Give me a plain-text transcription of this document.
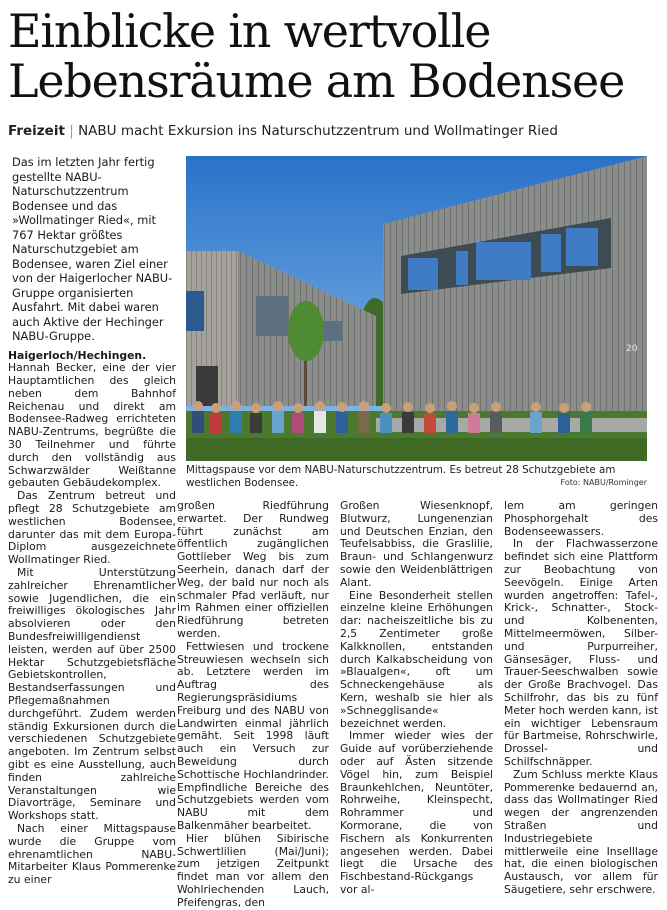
Einblicke in wertvolle
Lebensräume am Bodensee
Freizeit | NABU macht Exkursion ins Naturschutzzentrum und Wollmatinger Ried

Das im letzten Jahr fertig gestellte NABU-Naturschutzzentrum Bodensee und das »Wollmatinger Ried«, mit 767 Hektar größtes Naturschutzgebiet am Bodensee, waren Ziel einer von der Haigerlocher NABU-Gruppe organisierten Ausfahrt. Mit dabei waren auch Aktive der Hechinger NABU-Gruppe.

Haigerloch/Hechingen. Hannah Becker, eine der vier Hauptamtlichen des gleich neben dem Bahnhof Reichenau und direkt am Bodensee-Radweg errichteten NABU-Zentrums, begrüßte die 30 Teilnehmer und führte durch den vollständig aus Schwarzwälder Weißtanne gebauten Gebäudekomplex.

Das Zentrum betreut und pflegt 28 Schutzgebiete am westlichen Bodensee, darunter das mit dem Europa-Diplom ausgezeichnete Wollmatinger Ried.

Mit Unterstützung zahlreicher Ehrenamtlicher sowie Jugendlichen, die ein freiwilliges ökologisches Jahr absolvieren oder den Bundesfreiwilligendienst leisten, werden auf über 2500 Hektar Schutzgebietsfläche Gebietskontrollen, Bestandserfassungen und Pflegemaßnahmen durchgeführt. Zudem werden ständig Exkursionen durch die verschiedenen Schutzgebiete angeboten. Im Zentrum selbst gibt es eine Ausstellung, auch finden zahlreiche Veranstaltungen wie Diavorträge, Seminare und Workshops statt.

Nach einer Mittagspause wurde die Gruppe vom ehrenamtlichen NABU-Mitarbeiter Klaus Pommerenke zu einer

20
Mittagspause vor dem NABU-Naturschutzzentrum. Es betreut 28 Schutzgebiete am westlichen Bodensee.	Foto: NABU/Rominger

großen Riedführung erwartet. Der Rundweg führt zunächst am öffentlich zugänglichen Gottlieber Weg bis zum Seerhein, danach darf der Weg, der bald nur noch als schmaler Pfad verläuft, nur im Rahmen einer offiziellen Riedführung betreten werden.

Fettwiesen und trockene Streuwiesen wechseln sich ab. Letztere werden im Auftrag des Regierungspräsidiums Freiburg und des NABU von Landwirten einmal jährlich gemäht. Seit 1998 läuft auch ein Versuch zur Beweidung durch Schottische Hochlandrinder. Empfindliche Bereiche des Schutzgebiets werden vom NABU mit dem Balkenmäher bearbeitet.

Hier blühen Sibirische Schwertlilien (Mai/Juni); zum jetzigen Zeitpunkt findet man vor allem den Wohlriechenden Lauch, Pfeifengras, den

Großen Wiesenknopf, Blutwurz, Lungenenzian und Deutschen Enzian, den Teufelsabbiss, die Graslilie, Braun- und Schlangenwurz sowie den Weidenblättrigen Alant.

Eine Besonderheit stellen einzelne kleine Erhöhungen dar: nacheiszeitliche bis zu 2,5 Zentimeter große Kalkknollen, entstanden durch Kalkabscheidung von »Blaualgen«, oft um Schneckengehäuse als Kern, weshalb sie hier als »Schnegglisande« bezeichnet werden.

Immer wieder wies der Guide auf vorüberziehende oder auf Ästen sitzende Vögel hin, zum Beispiel Braunkehlchen, Neuntöter, Rohrweihe, Kleinspecht, Rohrammer und Kormorane, die von Fischern als Konkurrenten angesehen werden. Dabei liegt die Ursache des Fischbestand-Rückgangs vor al-

lem am geringen Phosphorgehalt des Bodenseewassers.

In der Flachwasserzone befindet sich eine Plattform zur Beobachtung von Seevögeln. Einige Arten wurden angetroffen: Tafel-, Krick-, Schnatter-, Stock- und Kolbenenten, Mittelmeermöwen, Silber- und Purpurreiher, Gänsesäger, Fluss- und Trauer-Seeschwalben sowie der Große Brachvogel. Das Schilfrohr, das bis zu fünf Meter hoch werden kann, ist ein wichtiger Lebensraum für Bartmeise, Rohrschwirle, Drossel- und Schilfschnäpper.

Zum Schluss merkte Klaus Pommerenke bedauernd an, dass das Wollmatinger Ried wegen der angrenzenden Straßen und Industriegebiete mittlerweile eine Inselllage hat, die einen biologischen Austausch, vor allem für Säugetiere, sehr erschwere.
